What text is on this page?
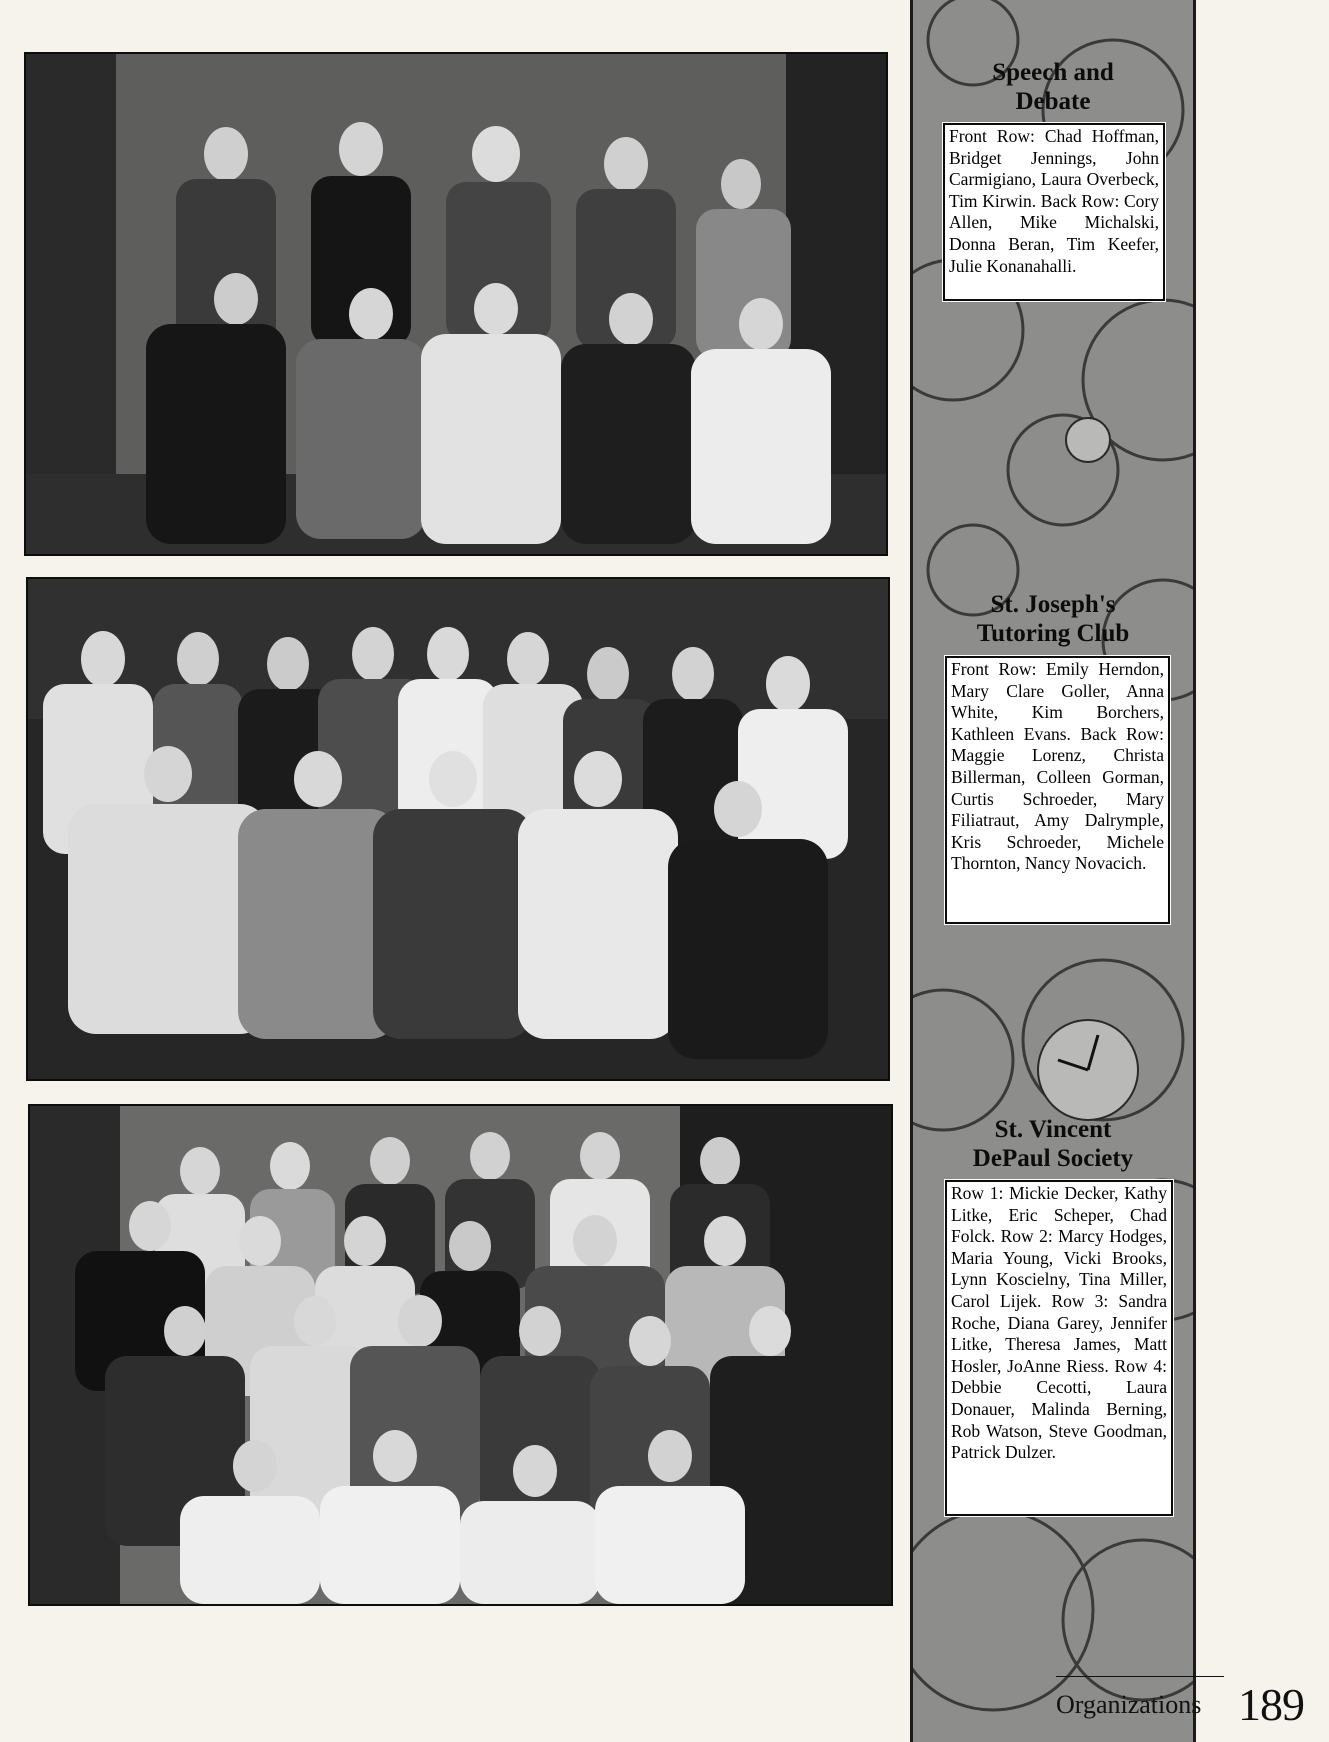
Speech and
Debate
Front Row: Chad Hoffman, Bridget Jennings, John Carmigiano, Laura Overbeck, Tim Kirwin. Back Row: Cory Allen, Mike Michalski, Donna Beran, Tim Keefer, Julie Konanahalli.
St. Joseph's
Tutoring Club
Front Row: Emily Herndon, Mary Clare Goller, Anna White, Kim Borchers, Kathleen Evans. Back Row: Maggie Lorenz, Christa Billerman, Colleen Gorman, Curtis Schroeder, Mary Filiatraut, Amy Dalrymple, Kris Schroeder, Michele Thornton, Nancy Novacich.
St. Vincent
DePaul Society
Row 1: Mickie Decker, Kathy Litke, Eric Scheper, Chad Folck. Row 2: Marcy Hodges, Maria Young, Vicki Brooks, Lynn Koscielny, Tina Miller, Carol Lijek. Row 3: Sandra Roche, Diana Garey, Jennifer Litke, Theresa James, Matt Hosler, JoAnne Riess. Row 4: Debbie Cecotti, Laura Donauer, Malinda Berning, Rob Watson, Steve Goodman, Patrick Dulzer.
Organizations 189
